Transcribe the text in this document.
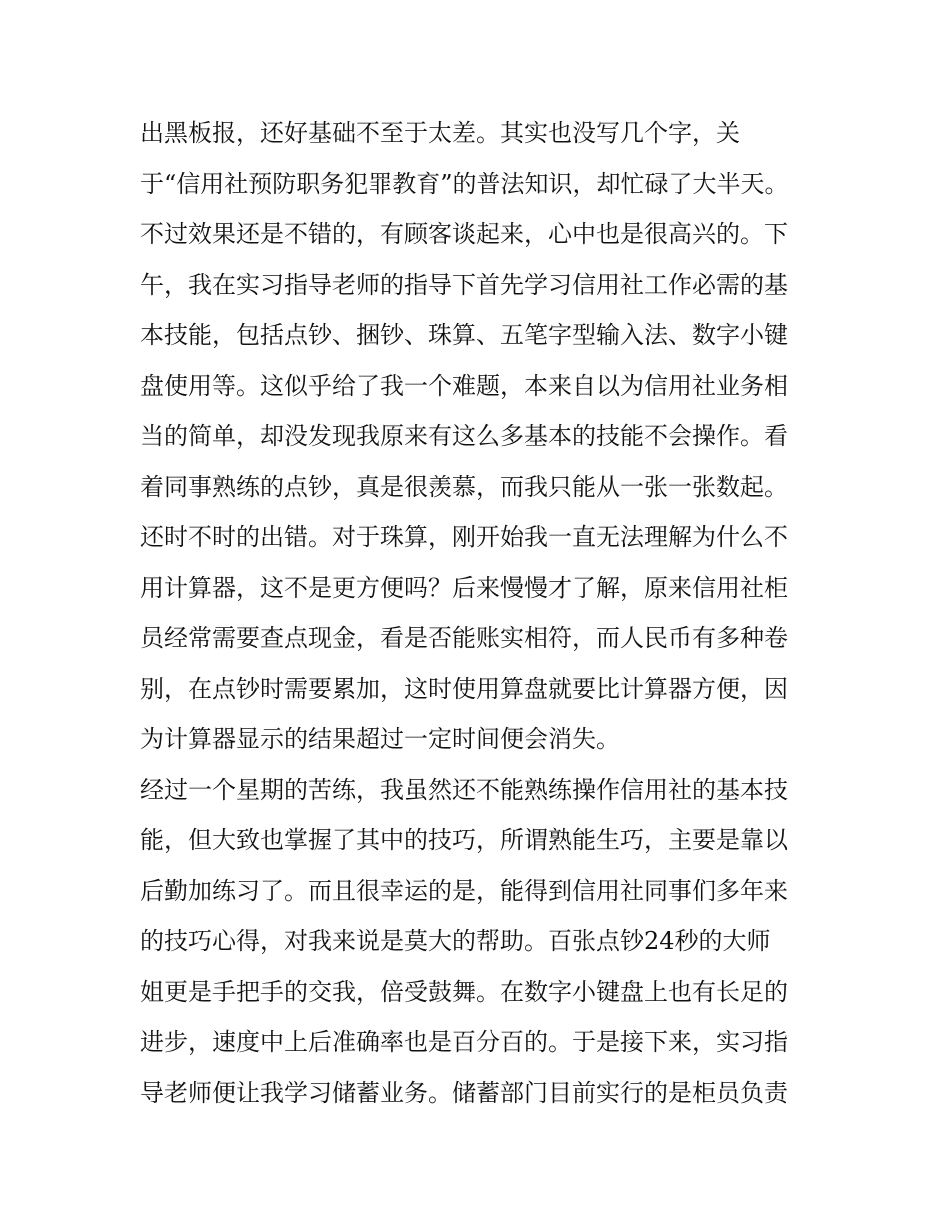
出黑板报，还好基础不至于太差。其实也没写几个字，关

于“信用社预防职务犯罪教育”的普法知识，却忙碌了大半天。

不过效果还是不错的，有顾客谈起来，心中也是很高兴的。下

午，我在实习指导老师的指导下首先学习信用社工作必需的基

本技能，包括点钞、捆钞、珠算、五笔字型输入法、数字小键

盘使用等。这似乎给了我一个难题，本来自以为信用社业务相

当的简单，却没发现我原来有这么多基本的技能不会操作。看

着同事熟练的点钞，真是很羡慕，而我只能从一张一张数起。

还时不时的出错。对于珠算，刚开始我一直无法理解为什么不

用计算器，这不是更方便吗？后来慢慢才了解，原来信用社柜

员经常需要查点现金，看是否能账实相符，而人民币有多种卷

别，在点钞时需要累加，这时使用算盘就要比计算器方便，因

为计算器显示的结果超过一定时间便会消失。

经过一个星期的苦练，我虽然还不能熟练操作信用社的基本技

能，但大致也掌握了其中的技巧，所谓熟能生巧，主要是靠以

后勤加练习了。而且很幸运的是，能得到信用社同事们多年来

的技巧心得，对我来说是莫大的帮助。百张点钞24秒的大师

姐更是手把手的交我，倍受鼓舞。在数字小键盘上也有长足的

进步，速度中上后准确率也是百分百的。于是接下来，实习指

导老师便让我学习储蓄业务。储蓄部门目前实行的是柜员负责
